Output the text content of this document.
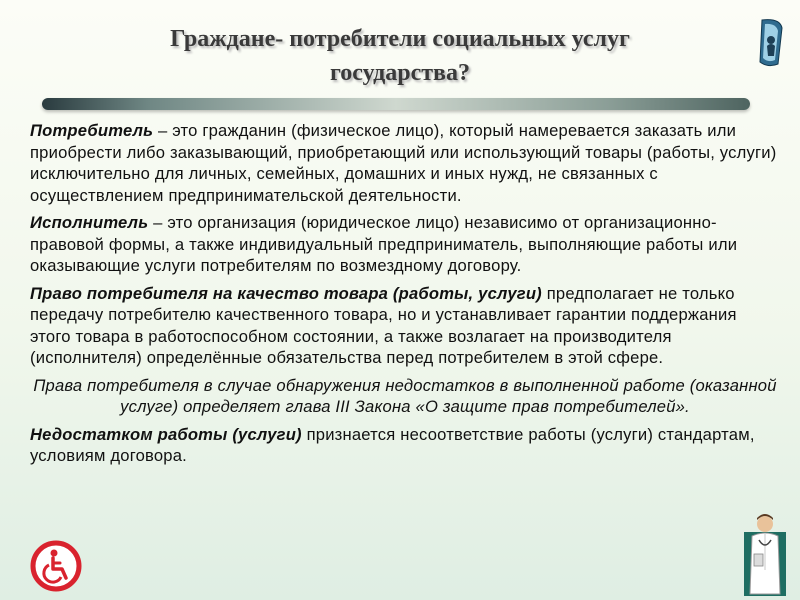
Граждане- потребители социальных услуг
государства?

Потребитель – это гражданин (физическое лицо), который намеревается заказать или приобрести либо заказывающий, приобретающий или использующий товары (работы, услуги) исключительно для личных, семейных, домашних и иных нужд, не связанных с осуществлением предпринимательской деятельности.

Исполнитель – это организация (юридическое лицо) независимо от организационно-правовой формы, а также индивидуальный предприниматель, выполняющие работы или оказывающие услуги потребителям по возмездному договору.

Право потребителя на качество товара (работы, услуги) предполагает не только передачу потребителю качественного товара, но и устанавливает гарантии поддержания этого товара в работоспособном состоянии, а также возлагает на производителя (исполнителя) определённые обязательства перед потребителем в этой сфере.

Права потребителя в случае обнаружения недостатков в выполненной работе (оказанной услуге) определяет глава III Закона «О защите прав потребителей».

Недостатком работы (услуги) признается несоответствие работы (услуги) стандартам, условиям договора.
